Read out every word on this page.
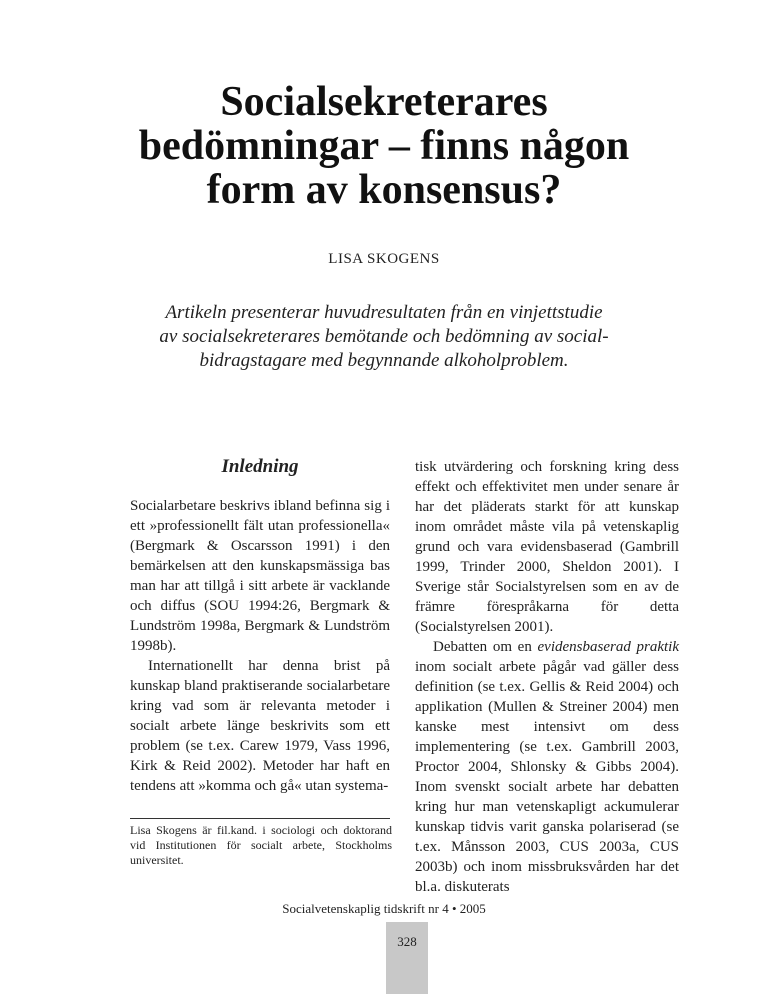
Socialsekreterares
bedömningar – finns någon
form av konsensus?
LISA SKOGENS
Artikeln presenterar huvudresultaten från en vinjettstudie
av socialsekreterares bemötande och bedömning av social-
bidragstagare med begynnande alkoholproblem.
Inledning
Socialarbetare beskrivs ibland befinna sig i ett »professionellt fält utan professionella« (Bergmark & Oscarsson 1991) i den bemärkelsen att den kunskapsmässiga bas man har att tillgå i sitt arbete är vacklande och diffus (SOU 1994:26, Bergmark & Lundström 1998a, Bergmark & Lundström 1998b).
Internationellt har denna brist på kunskap bland praktiserande socialarbetare kring vad som är relevanta metoder i socialt arbete länge beskrivits som ett problem (se t.ex. Carew 1979, Vass 1996, Kirk & Reid 2002). Metoder har haft en tendens att »komma och gå« utan systema-
Lisa Skogens är fil.kand. i sociologi och doktorand vid Institutionen för socialt arbete, Stockholms universitet.
tisk utvärdering och forskning kring dess effekt och effektivitet men under senare år har det pläderats starkt för att kunskap inom området måste vila på vetenskaplig grund och vara evidensbaserad (Gambrill 1999, Trinder 2000, Sheldon 2001). I Sverige står Socialstyrelsen som en av de främre förespråkarna för detta (Socialstyrelsen 2001).
Debatten om en evidensbaserad praktik inom socialt arbete pågår vad gäller dess definition (se t.ex. Gellis & Reid 2004) och applikation (Mullen & Streiner 2004) men kanske mest intensivt om dess implementering (se t.ex. Gambrill 2003, Proctor 2004, Shlonsky & Gibbs 2004). Inom svenskt socialt arbete har debatten kring hur man vetenskapligt ackumulerar kunskap tidvis varit ganska polariserad (se t.ex. Månsson 2003, CUS 2003a, CUS 2003b) och inom missbruksvården har det bl.a. diskuterats
Socialvetenskaplig tidskrift nr 4 • 2005
328
